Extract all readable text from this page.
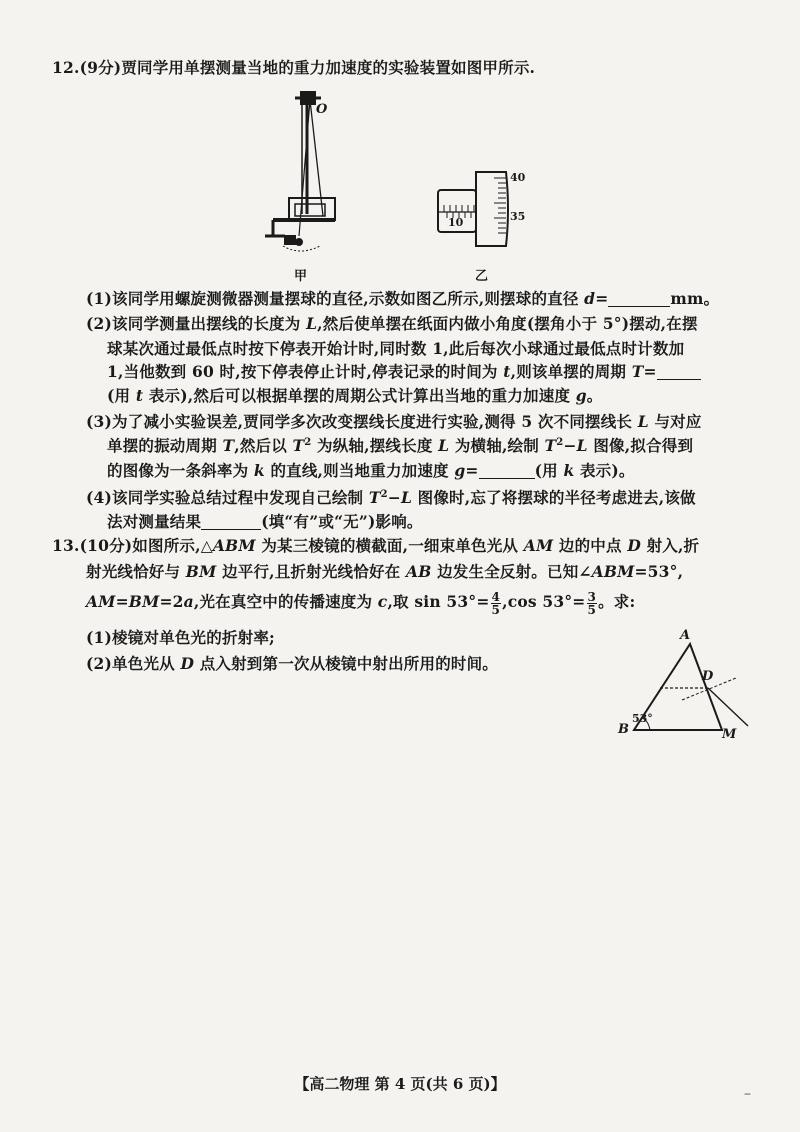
12.(9分)贾同学用单摆测量当地的重力加速度的实验装置如图甲所示.
O
甲
40
35
10
乙
(1)该同学用螺旋测微器测量摆球的直径,示数如图乙所示,则摆球的直径 d=	mm。
(2)该同学测量出摆线的长度为 L,然后使单摆在纸面内做小角度(摆角小于 5°)摆动,在摆
球某次通过最低点时按下停表开始计时,同时数 1,此后每次小球通过最低点时计数加
1,当他数到 60 时,按下停表停止计时,停表记录的时间为 t,则该单摆的周期 T=
(用 t 表示),然后可以根据单摆的周期公式计算出当地的重力加速度 g。
(3)为了减小实验误差,贾同学多次改变摆线长度进行实验,测得 5 次不同摆线长 L 与对应
单摆的振动周期 T,然后以 $T^2$ 为纵轴,摆线长度 L 为横轴,绘制 $T^2-L$ 图像,拟合得到
的图像为一条斜率为 k 的直线,则当地重力加速度 g=	(用 k 表示)。
(4)该同学实验总结过程中发现自己绘制 $T^2-L$ 图像时,忘了将摆球的半径考虑进去,该做
法对测量结果	(填“有”或“无”)影响。
13.(10分)如图所示,△ABM 为某三棱镜的横截面,一细束单色光从 AM 边的中点 D 射入,折
射光线恰好与 BM 边平行,且折射光线恰好在 AB 边发生全反射。已知∠ABM=53°,
AM=BM=2a,光在真空中的传播速度为 c,取 $\sin 53^\circ= \frac{4}{5} ,\cos$ $53^\circ= \frac{3}{5}$ 。求:
(1)棱镜对单色光的折射率;
(2)单色光从 D 点入射到第一次从棱镜中射出所用的时间。
A
D
B	M
53°
【高二物理 第 4 页(共 6 页)】
–
